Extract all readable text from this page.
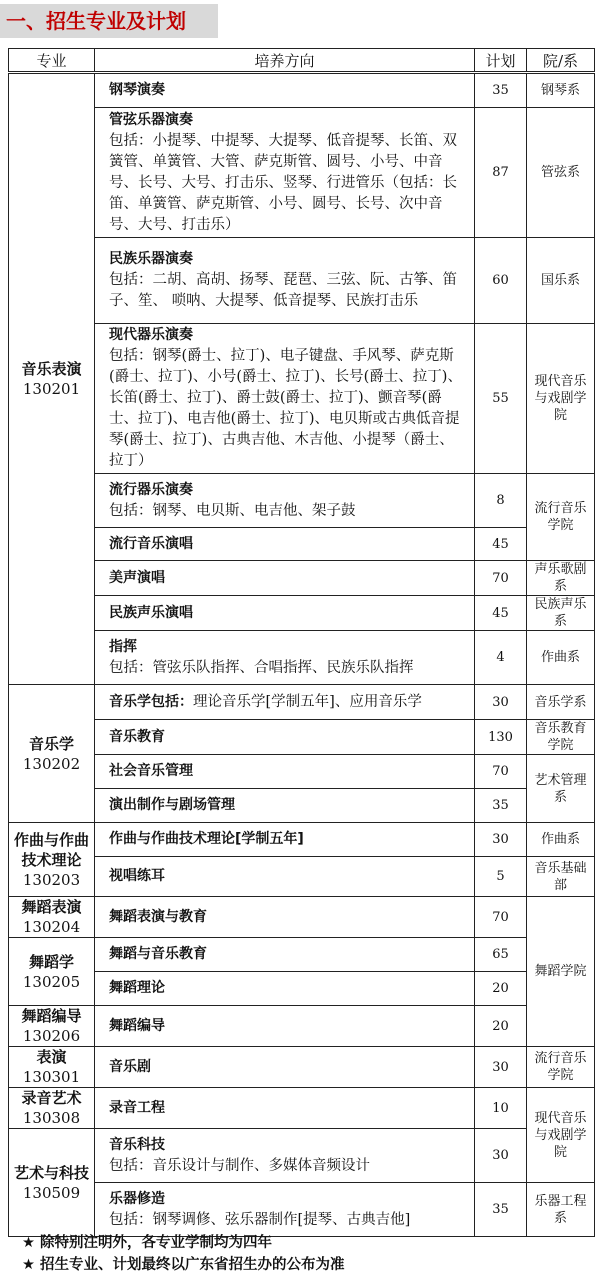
一、招生专业及计划
专业	培养方向	计划	院/系
音乐表演
130201	钢琴演奏	35	钢琴系

	管弦乐器演奏
包括：小提琴、中提琴、大提琴、低音提琴、长笛、双簧管、单簧管、大管、萨克斯管、圆号、小号、中音号、长号、大号、打击乐、竖琴、行进管乐（包括：长笛、单簧管、萨克斯管、小号、圆号、长号、次中音号、大号、打击乐）	87	管弦系

	民族乐器演奏
包括：二胡、高胡、扬琴、琵琶、三弦、阮、古筝、笛子、笙、 唢呐、大提琴、低音提琴、民族打击乐	60	国乐系

	现代器乐演奏
包括：钢琴(爵士、拉丁)、电子键盘、手风琴、萨克斯(爵士、拉丁)、小号(爵士、拉丁)、长号(爵士、拉丁)、长笛(爵士、拉丁)、爵士鼓(爵士、拉丁)、颤音琴(爵士、拉丁)、电吉他(爵士、拉丁)、电贝斯或古典低音提琴(爵士、拉丁)、古典吉他、木吉他、小提琴（爵士、拉丁）	55	现代音乐与戏剧学院

	流行器乐演奏
包括：钢琴、电贝斯、电吉他、架子鼓	8	流行音乐学院
	流行音乐演唱	45	
	美声演唱	70	声乐歌剧系
	民族声乐演唱	45	民族声乐系

	指挥
包括：管弦乐队指挥、合唱指挥、民族乐队指挥	4	作曲系
音乐学
130202	音乐学包括：理论音乐学[学制五年]、应用音乐学	30	音乐学系
	音乐教育	130	音乐教育学院
	社会音乐管理	70	艺术管理系
	演出制作与剧场管理	35	
作曲与作曲技术理论
130203	作曲与作曲技术理论[学制五年]	30	作曲系
	视唱练耳	5	音乐基础部
舞蹈表演
130204	舞蹈表演与教育	70	舞蹈学院
舞蹈学
130205	舞蹈与音乐教育	65	
	舞蹈理论	20	
舞蹈编导
130206	舞蹈编导	20	
表演
130301	音乐剧	30	流行音乐学院
录音艺术
130308	录音工程	10	现代音乐与戏剧学院
艺术与科技
130509	音乐科技
包括：音乐设计与制作、多媒体音频设计	30	

	乐器修造
包括：钢琴调修、弦乐器制作[提琴、古典吉他]	35	乐器工程系
★ 除特别注明外，各专业学制均为四年
★ 招生专业、计划最终以广东省招生办的公布为准
